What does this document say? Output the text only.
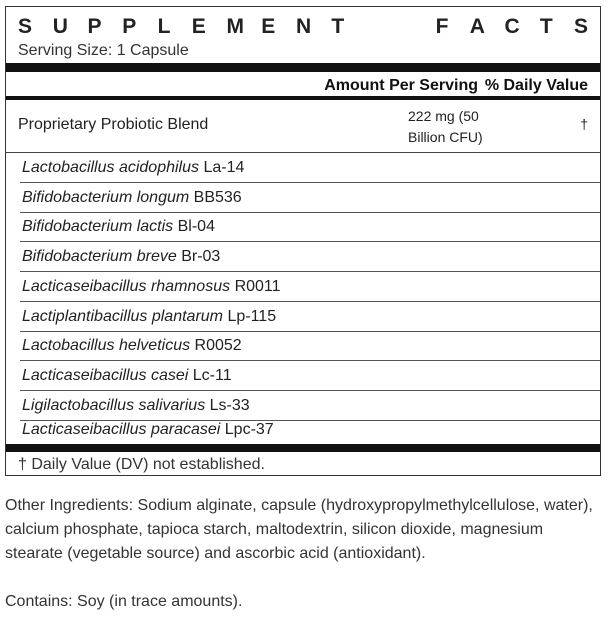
S U P P L E M E N T	F A C T S
Serving Size: 1 Capsule
Amount Per Serving % Daily Value
Proprietary Probiotic Blend	222 mg (50
Billion CFU)
†
Lactobacillus acidophilus La-14
Bifidobacterium longum BB536
Bifidobacterium lactis Bl-04
Bifidobacterium breve Br-03
Lacticaseibacillus rhamnosus R0011
Lactiplantibacillus plantarum Lp-115
Lactobacillus helveticus R0052
Lacticaseibacillus casei Lc-11
Ligilactobacillus salivarius Ls-33
Lacticaseibacillus paracasei Lpc-37
† Daily Value (DV) not established.
Other Ingredients: Sodium alginate, capsule (hydroxypropylmethylcellulose, water), calcium phosphate, tapioca starch, maltodextrin, silicon dioxide, magnesium stearate (vegetable source) and ascorbic acid (antioxidant).
Contains: Soy (in trace amounts).
